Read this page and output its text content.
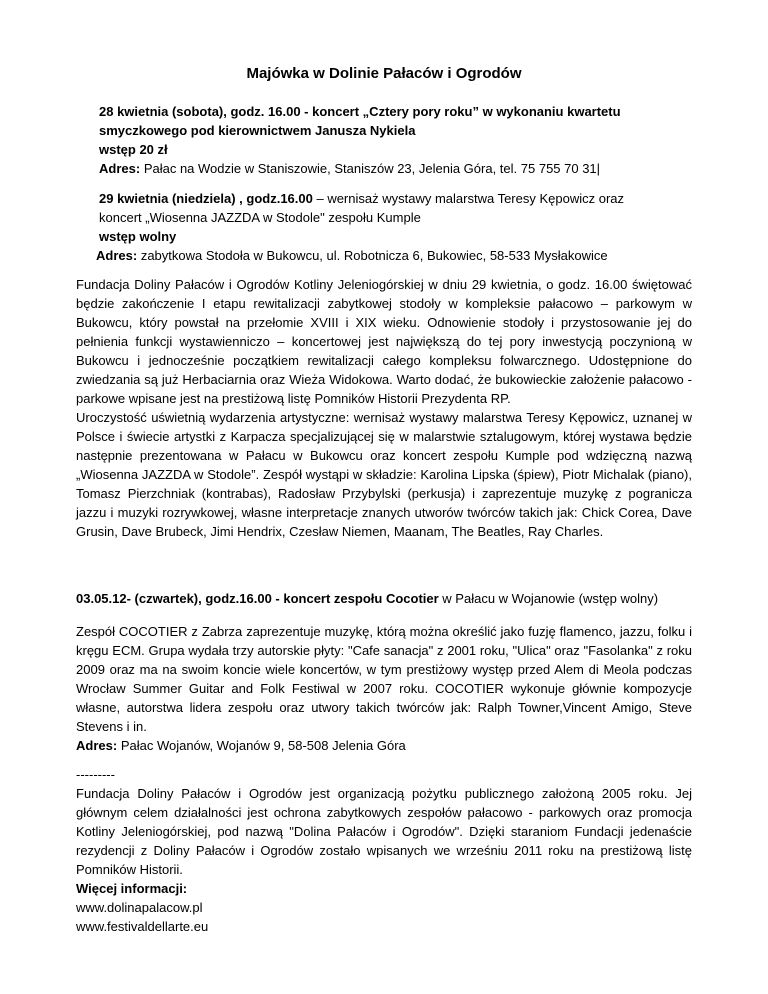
Majówka w Dolinie Pałaców i Ogrodów
28 kwietnia (sobota), godz. 16.00 - koncert „Cztery pory roku” w wykonaniu kwartetu
smyczkowego pod kierownictwem Janusza Nykiela
wstęp 20 zł
Adres: Pałac na Wodzie w Staniszowie, Staniszów 23, Jelenia Góra, tel. 75 755 70 31|
29 kwietnia (niedziela) , godz.16.00 – wernisaż wystawy malarstwa Teresy Kępowicz oraz
koncert „Wiosenna JAZZDA w Stodole" zespołu Kumple
wstęp wolny
Adres: zabytkowa Stodoła w Bukowcu, ul. Robotnicza 6, Bukowiec, 58-533 Mysłakowice
Fundacja Doliny Pałaców i Ogrodów Kotliny Jeleniogórskiej w dniu 29 kwietnia, o godz. 16.00 świętować będzie zakończenie I etapu rewitalizacji zabytkowej stodoły w kompleksie pałacowo – parkowym w Bukowcu, który powstał na przełomie XVIII i XIX wieku. Odnowienie stodoły i przystosowanie jej do pełnienia funkcji wystawienniczo – koncertowej jest największą do tej pory inwestycją poczynioną w Bukowcu i jednocześnie początkiem rewitalizacji całego kompleksu folwarcznego. Udostępnione do zwiedzania są już Herbaciarnia oraz Wieża Widokowa. Warto dodać, że bukowieckie założenie pałacowo - parkowe wpisane jest na prestiżową listę Pomników Historii Prezydenta RP.
Uroczystość uświetnią wydarzenia artystyczne: wernisaż wystawy malarstwa Teresy Kępowicz, uznanej w Polsce i świecie artystki z Karpacza specjalizującej się w malarstwie sztalugowym, której wystawa będzie następnie prezentowana w Pałacu w Bukowcu oraz koncert zespołu Kumple pod wdzięczną nazwą „Wiosenna JAZZDA w Stodole”. Zespół wystąpi w składzie: Karolina Lipska (śpiew), Piotr Michalak (piano), Tomasz Pierzchniak (kontrabas), Radosław Przybylski (perkusja) i zaprezentuje muzykę z pogranicza jazzu i muzyki rozrywkowej, własne interpretacje znanych utworów twórców takich jak: Chick Corea, Dave Grusin, Dave Brubeck, Jimi Hendrix, Czesław Niemen, Maanam, The Beatles, Ray Charles.
03.05.12- (czwartek), godz.16.00 - koncert zespołu Cocotier w Pałacu w Wojanowie (wstęp wolny)
Zespół COCOTIER z Zabrza zaprezentuje muzykę, którą można określić jako fuzję flamenco, jazzu, folku i kręgu ECM. Grupa wydała trzy autorskie płyty: "Cafe sanacja" z 2001 roku, "Ulica" oraz "Fasolanka" z roku 2009 oraz ma na swoim koncie wiele koncertów, w tym prestiżowy występ przed Alem di Meola podczas Wrocław Summer Guitar and Folk Festiwal w 2007 roku. COCOTIER wykonuje głównie kompozycje własne, autorstwa lidera zespołu oraz utwory takich twórców jak: Ralph Towner,Vincent Amigo, Steve Stevens i in.
Adres: Pałac Wojanów, Wojanów 9, 58-508 Jelenia Góra
---------
Fundacja Doliny Pałaców i Ogrodów jest organizacją pożytku publicznego założoną 2005 roku. Jej głównym celem działalności jest ochrona zabytkowych zespołów pałacowo - parkowych oraz promocja Kotliny Jeleniogórskiej, pod nazwą "Dolina Pałaców i Ogrodów". Dzięki staraniom Fundacji jedenaście rezydencji z Doliny Pałaców i Ogrodów zostało wpisanych we wrześniu 2011 roku na prestiżową listę Pomników Historii.
Więcej informacji:
www.dolinapalacow.pl
www.festivaldellarte.eu
